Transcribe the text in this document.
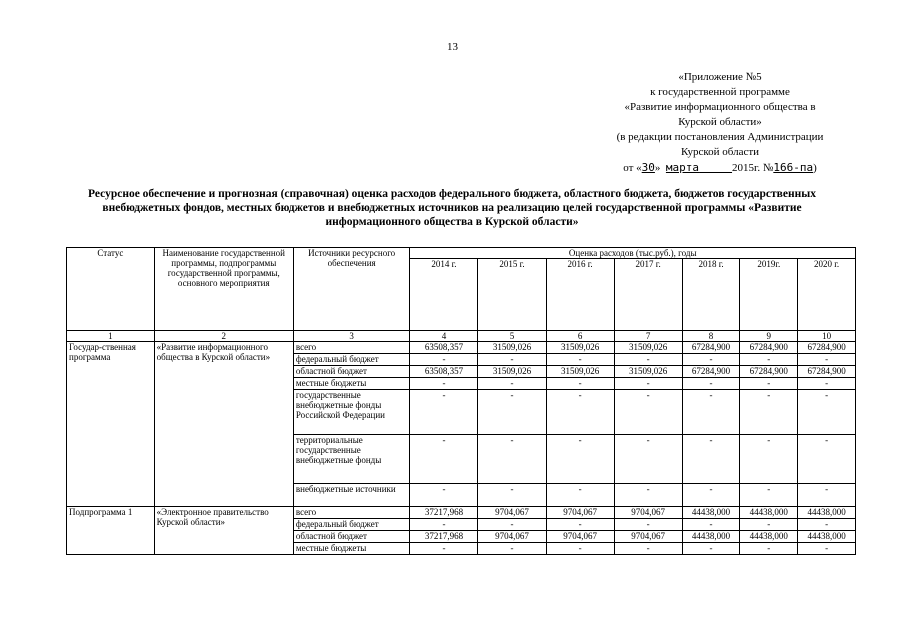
13
«Приложение №5
к государственной программе
«Развитие информационного общества в
Курской области»
(в редакции постановления Администрации
Курской области
от «30» марта	2015г. №166-па)
Ресурсное обеспечение и прогнозная (справочная) оценка расходов федерального бюджета, областного бюджета, бюджетов государственных внебюджетных фондов, местных бюджетов и внебюджетных источников на реализацию целей государственной программы «Развитие информационного общества в Курской области»
Статус	Наименование государственной программы, подпрограммы государственной программы, основного мероприятия	Источники ресурсного обеспечения	Оценка расходов (тыс.руб.), годы						
			2014 г.	2015 г.	2016 г.	2017 г.	2018 г.	2019г.	2020 г.
1	2	3	4	5	6	7	8	9	10
Государ-ственная программа	«Развитие информационного общества в Курской области»	всего	63508,357	31509,026	31509,026	31509,026	67284,900	67284,900	67284,900
		федеральный бюджет	-	-	-	-	-	-	-
		областной бюджет	63508,357	31509,026	31509,026	31509,026	67284,900	67284,900	67284,900
		местные бюджеты	-	-	-	-	-	-	-
		государственные внебюджетные фонды Российской Федерации	-	-	-	-	-	-	-
		территориальные государственные внебюджетные фонды	-	-	-	-	-	-	-
		внебюджетные источники	-	-	-	-	-	-	-
Подпрограмма 1	«Электронное правительство Курской области»	всего	37217,968	9704,067	9704,067	9704,067	44438,000	44438,000	44438,000
		федеральный бюджет	-	-	-	-	-	-	-
		областной бюджет	37217,968	9704,067	9704,067	9704,067	44438,000	44438,000	44438,000
		местные бюджеты	-	-	-	-	-	-	-
